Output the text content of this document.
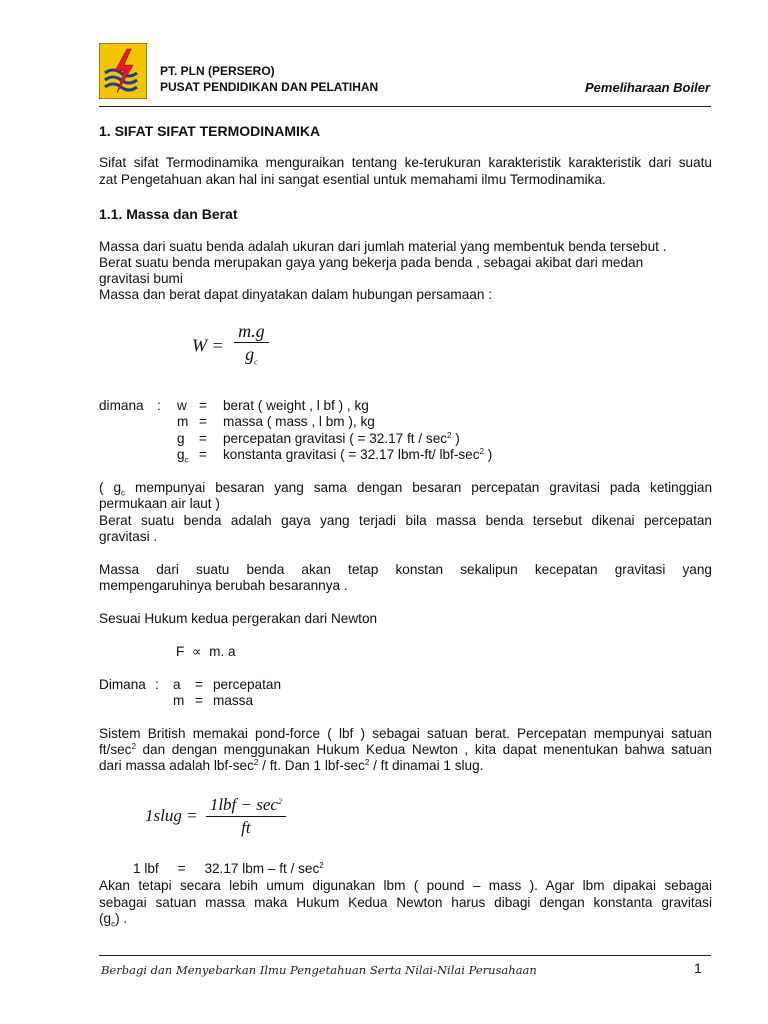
PT. PLN (PERSERO)
PUSAT PENDIDIKAN DAN PELATIHAN	Pemeliharaan Boiler
1. SIFAT SIFAT TERMODINAMIKA
Sifat sifat Termodinamika menguraikan tentang ke-terukuran karakteristik karakteristik dari suatu
zat Pengetahuan akan hal ini sangat esential untuk memahami ilmu Termodinamika.
1.1. Massa dan Berat
Massa dari suatu benda adalah ukuran dari jumlah material yang membentuk benda tersebut .
Berat suatu benda merupakan gaya yang bekerja pada benda , sebagai akibat dari medan
gravitasi bumi
Massa dan berat dapat dinyatakan dalam hubungan persamaan :
$W = \frac{m.g}{g_c}$
dimana	:	w	=	berat ( weight , l bf ) , kg
		m	=	massa ( mass , l bm ), kg
		g	=	percepatan gravitasi ( = 32.17 ft / $\sec^2$ )
		$g_c$	=	konstanta gravitasi ( = 32.17 lbm-ft/ lbf-$\sec^2$ )
( $g_c$ mempunyai besaran yang sama dengan besaran percepatan gravitasi pada ketinggian
permukaan air laut )
Berat suatu benda adalah gaya yang terjadi bila massa benda tersebut dikenai percepatan
gravitasi .
Massa dari suatu benda akan tetap konstan sekalipun kecepatan gravitasi yang
mempengaruhinya berubah besarannya .
Sesuai Hukum kedua pergerakan dari Newton
F ∝ m. a
Dimana	:	a	=	percepatan
		m	=	massa
Sistem British memakai pond-force ( lbf ) sebagai satuan berat. Percepatan mempunyai satuan
$ft/\sec^2$ dan dengan menggunakan Hukum Kedua Newton , kita dapat menentukan bahwa satuan
dari massa adalah lbf-$\sec^2$ / ft. Dan 1 lbf-$\sec^2$ / ft dinamai 1 slug.
1slug = $\frac{1lbf - \sec^2}{ft}$
1 lbf = 32.17 lbm – ft / $\sec^2$
Akan tetapi secara lebih umum digunakan lbm ( pound – mass ). Agar lbm dipakai sebagai
sebagai satuan massa maka Hukum Kedua Newton harus dibagi dengan konstanta gravitasi
$(g_c)$ .
Berbagi dan Menyebarkan Ilmu Pengetahuan Serta Nilai-Nilai Perusahaan	1
